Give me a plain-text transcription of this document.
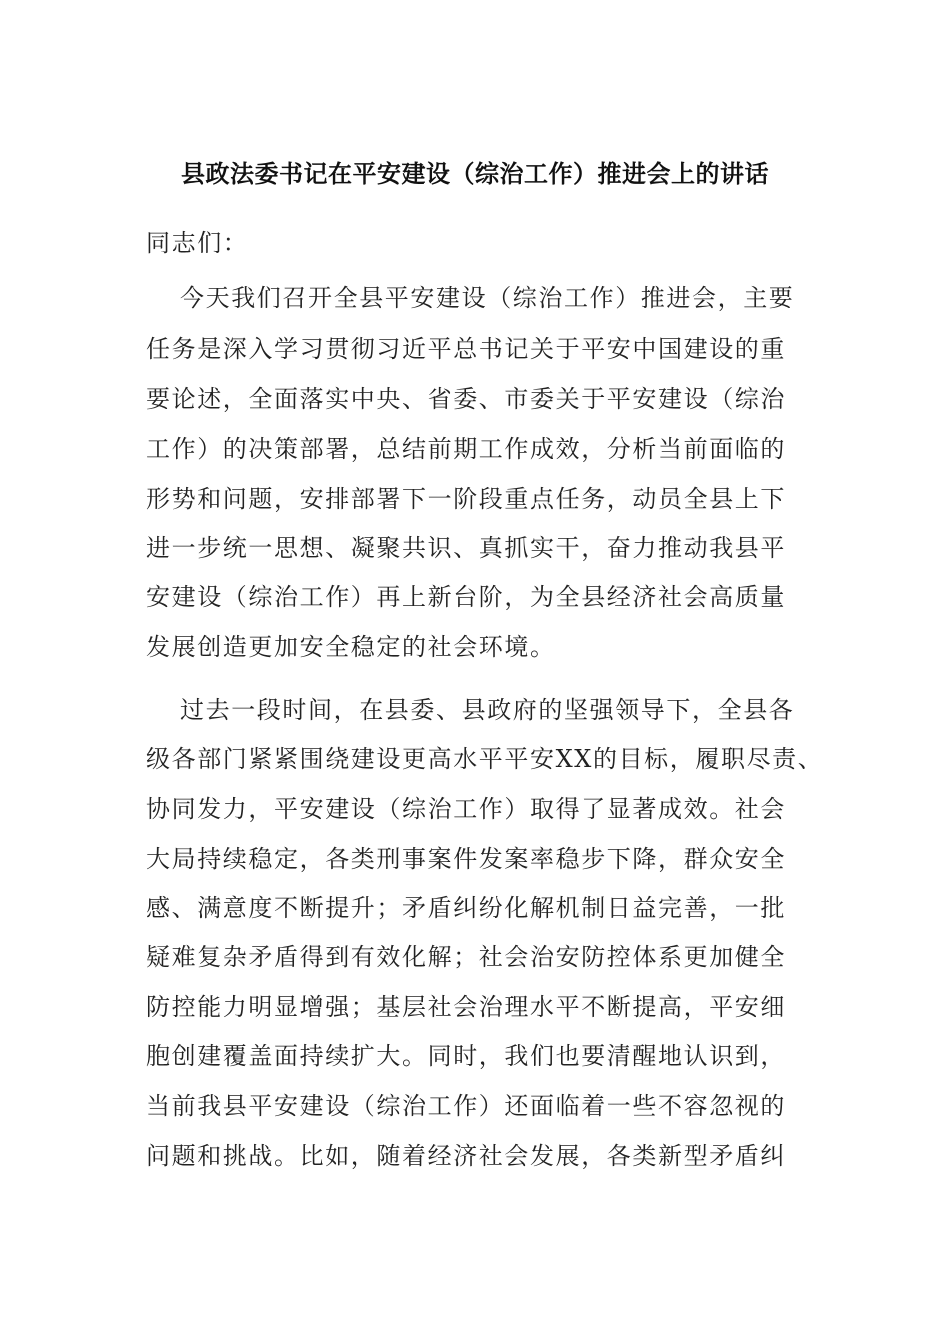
县政法委书记在平安建设（综治工作）推进会上的讲话
同志们：
今天我们召开全县平安建设（综治工作）推进会，主要
任务是深入学习贯彻习近平总书记关于平安中国建设的重
要论述，全面落实中央、省委、市委关于平安建设（综治
工作）的决策部署，总结前期工作成效，分析当前面临的
形势和问题，安排部署下一阶段重点任务，动员全县上下
进一步统一思想、凝聚共识、真抓实干，奋力推动我县平
安建设（综治工作）再上新台阶，为全县经济社会高质量
发展创造更加安全稳定的社会环境。
过去一段时间，在县委、县政府的坚强领导下，全县各
级各部门紧紧围绕建设更高水平平安XX的目标，履职尽责、
协同发力，平安建设（综治工作）取得了显著成效。社会
大局持续稳定，各类刑事案件发案率稳步下降，群众安全
感、满意度不断提升；矛盾纠纷化解机制日益完善，一批
疑难复杂矛盾得到有效化解；社会治安防控体系更加健全
防控能力明显增强；基层社会治理水平不断提高，平安细
胞创建覆盖面持续扩大。同时，我们也要清醒地认识到，
当前我县平安建设（综治工作）还面临着一些不容忽视的
问题和挑战。比如，随着经济社会发展，各类新型矛盾纠
